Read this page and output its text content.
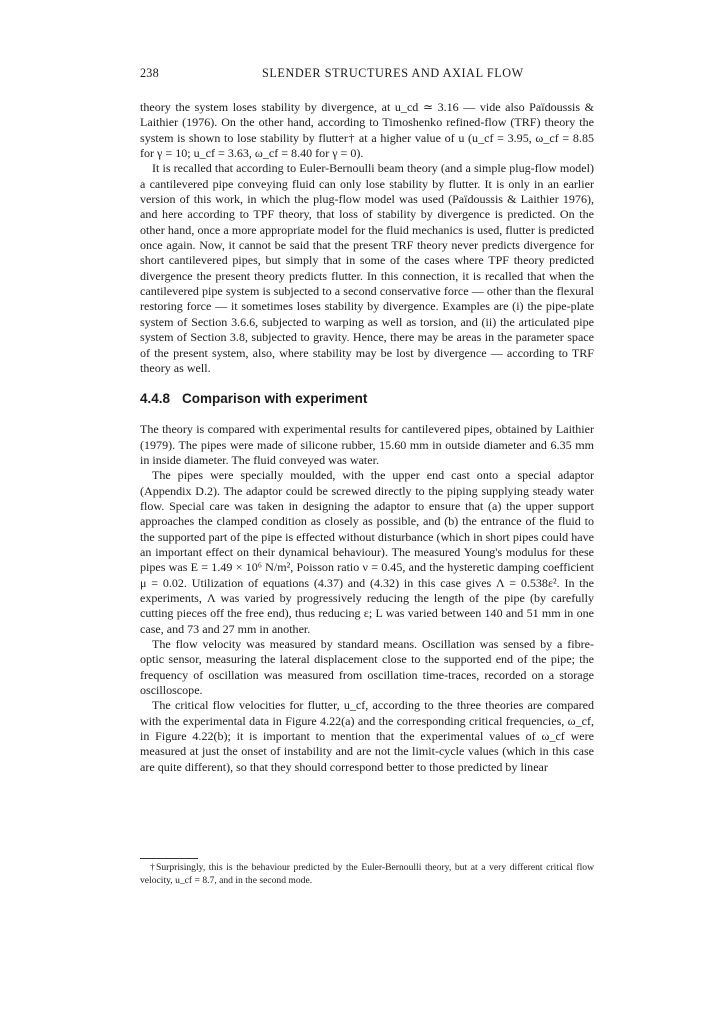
238	SLENDER STRUCTURES AND AXIAL FLOW

theory the system loses stability by divergence, at u_cd ≃ 3.16 — vide also Païdoussis & Laithier (1976). On the other hand, according to Timoshenko refined-flow (TRF) theory the system is shown to lose stability by flutter† at a higher value of u (u_cf = 3.95, ω_cf = 8.85 for γ = 10; u_cf = 3.63, ω_cf = 8.40 for γ = 0).

It is recalled that according to Euler-Bernoulli beam theory (and a simple plug-flow model) a cantilevered pipe conveying fluid can only lose stability by flutter. It is only in an earlier version of this work, in which the plug-flow model was used (Païdoussis & Laithier 1976), and here according to TPF theory, that loss of stability by divergence is predicted. On the other hand, once a more appropriate model for the fluid mechanics is used, flutter is predicted once again. Now, it cannot be said that the present TRF theory never predicts divergence for short cantilevered pipes, but simply that in some of the cases where TPF theory predicted divergence the present theory predicts flutter. In this connection, it is recalled that when the cantilevered pipe system is subjected to a second conservative force — other than the flexural restoring force — it sometimes loses stability by divergence. Examples are (i) the pipe-plate system of Section 3.6.6, subjected to warping as well as torsion, and (ii) the articulated pipe system of Section 3.8, subjected to gravity. Hence, there may be areas in the parameter space of the present system, also, where stability may be lost by divergence — according to TRF theory as well.

4.4.8 Comparison with experiment

The theory is compared with experimental results for cantilevered pipes, obtained by Laithier (1979). The pipes were made of silicone rubber, 15.60 mm in outside diameter and 6.35 mm in inside diameter. The fluid conveyed was water.

The pipes were specially moulded, with the upper end cast onto a special adaptor (Appendix D.2). The adaptor could be screwed directly to the piping supplying steady water flow. Special care was taken in designing the adaptor to ensure that (a) the upper support approaches the clamped condition as closely as possible, and (b) the entrance of the fluid to the supported part of the pipe is effected without disturbance (which in short pipes could have an important effect on their dynamical behaviour). The measured Young's modulus for these pipes was E = 1.49 × 10⁶ N/m², Poisson ratio ν = 0.45, and the hysteretic damping coefficient μ = 0.02. Utilization of equations (4.37) and (4.32) in this case gives Λ = 0.538ε². In the experiments, Λ was varied by progressively reducing the length of the pipe (by carefully cutting pieces off the free end), thus reducing ε; L was varied between 140 and 51 mm in one case, and 73 and 27 mm in another.

The flow velocity was measured by standard means. Oscillation was sensed by a fibre-optic sensor, measuring the lateral displacement close to the supported end of the pipe; the frequency of oscillation was measured from oscillation time-traces, recorded on a storage oscilloscope.

The critical flow velocities for flutter, u_cf, according to the three theories are compared with the experimental data in Figure 4.22(a) and the corresponding critical frequencies, ω_cf, in Figure 4.22(b); it is important to mention that the experimental values of ω_cf were measured at just the onset of instability and are not the limit-cycle values (which in this case are quite different), so that they should correspond better to those predicted by linear

†Surprisingly, this is the behaviour predicted by the Euler-Bernoulli theory, but at a very different critical flow velocity, u_cf = 8.7, and in the second mode.
